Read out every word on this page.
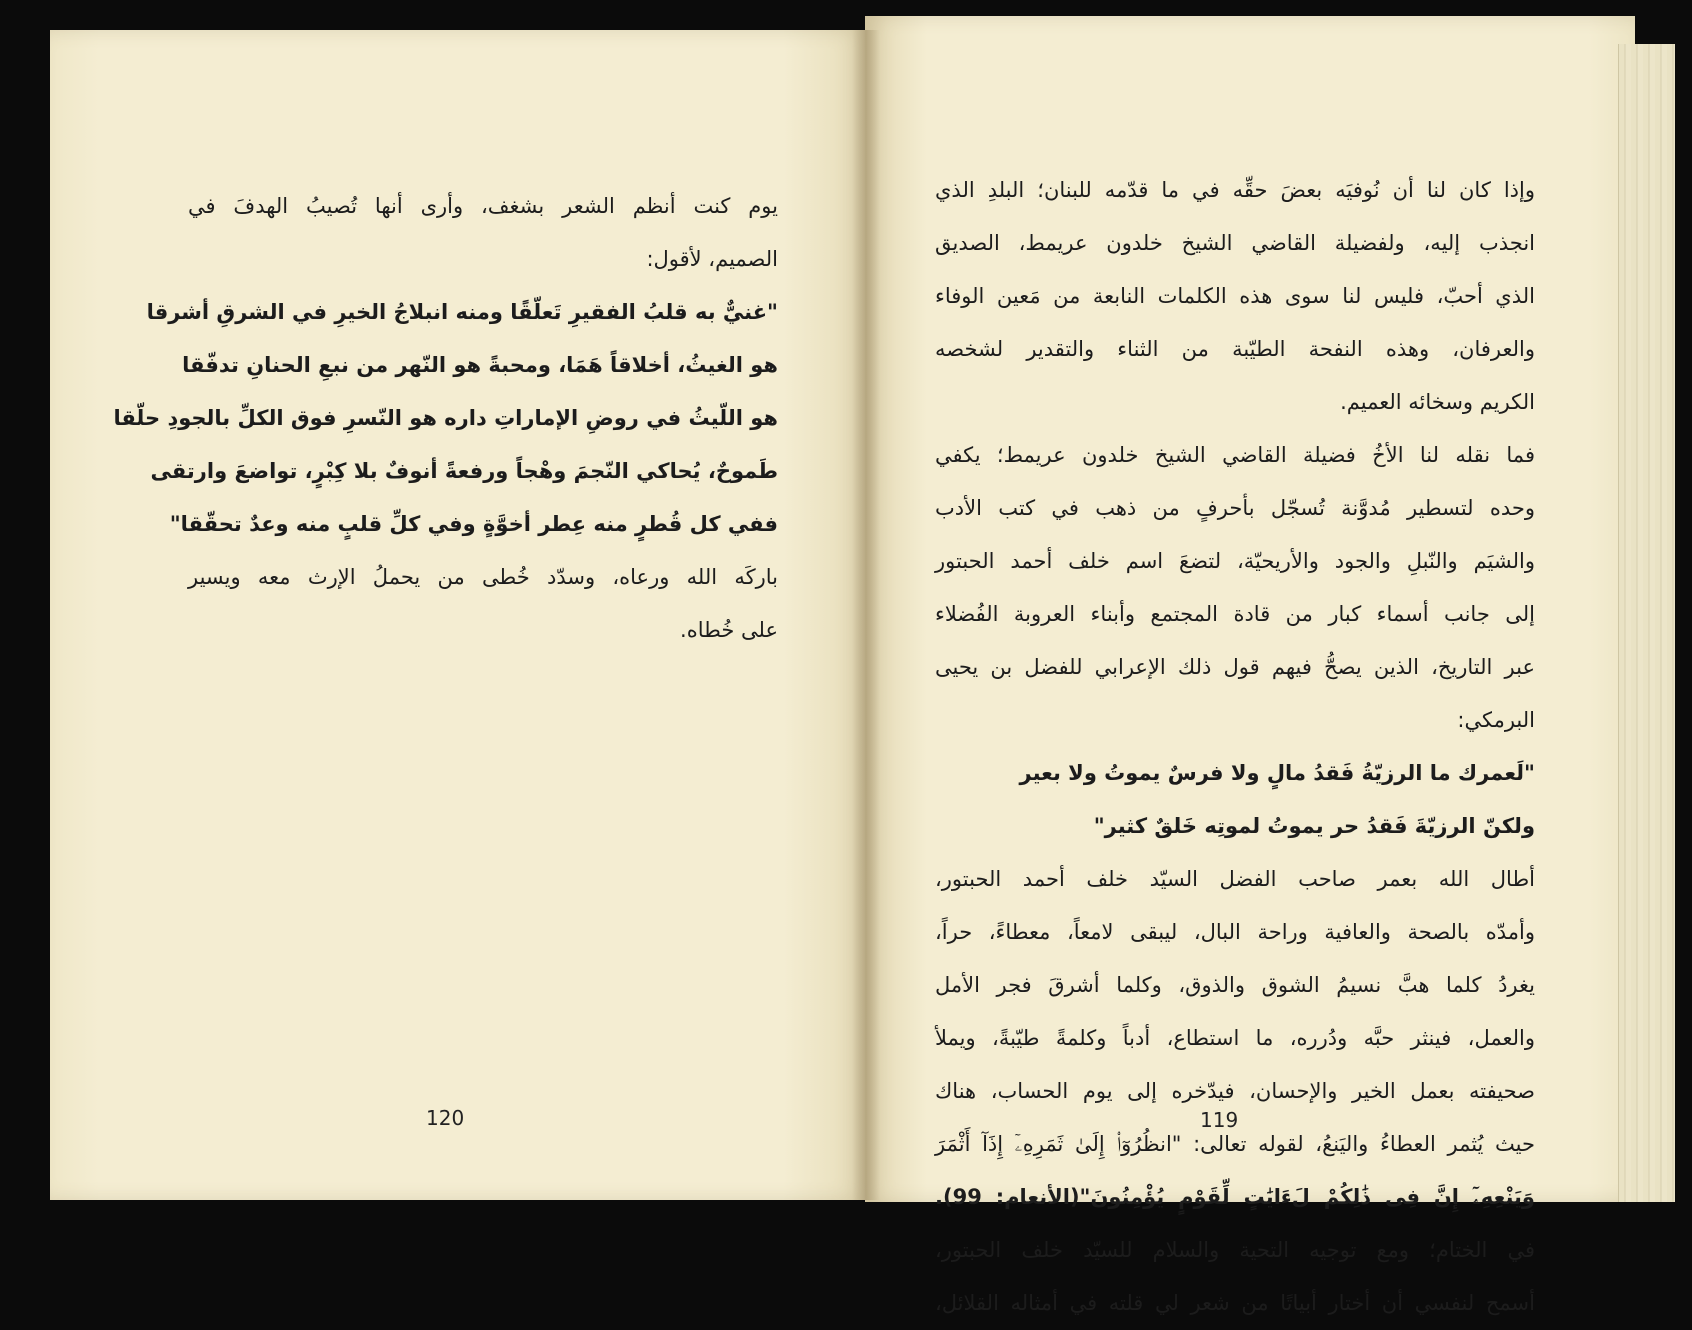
يوم كنت أنظم الشعر بشغف، وأرى أنها تُصيبُ الهدفَ في
الصميم، لأقول:
"غنيٌّ به قلبُ الفقيرِ تَعلّقًا ومنه انبلاجُ الخيرِ في الشرقِ أشرقا
هو الغيثُ، أخلاقاً هَمَا، ومحبةً هو النّهر من نبعِ الحنانِ تدفّقا
هو اللّيثُ في روضِ الإماراتِ داره هو النّسرِ فوق الكلِّ بالجودِ حلّقا
طَموحٌ، يُحاكي النّجمَ وهْجاً ورفعةً أنوفٌ بلا كِبْرٍ، تواضعَ وارتقى
ففي كل قُطرٍ منه عِطر أخوَّةٍ وفي كلِّ قلبٍ منه وعدٌ تحقّقا"
باركَه الله ورعاه، وسدّد خُطى من يحملُ الإرث معه ويسير
على خُطاه.
120
وإذا كان لنا أن نُوفيَه بعضَ حقِّه في ما قدّمه للبنان؛ البلدِ الذي
انجذب إليه، ولفضيلة القاضي الشيخ خلدون عريمط، الصديق
الذي أحبّ، فليس لنا سوى هذه الكلمات النابعة من مَعين الوفاء
والعرفان، وهذه النفحة الطيّبة من الثناء والتقدير لشخصه
الكريم وسخائه العميم.
فما نقله لنا الأخُ فضيلة القاضي الشيخ خلدون عريمط؛ يكفي
وحده لتسطير مُدوَّنة تُسجّل بأحرفٍ من ذهب في كتب الأدب
والشيَم والنّبلِ والجود والأريحيّة، لتضعَ اسم خلف أحمد الحبتور
إلى جانب أسماء كبار من قادة المجتمع وأبناء العروبة الفُضلاء
عبر التاريخ، الذين يصحُّ فيهم قول ذلك الإعرابي للفضل بن يحيى
البرمكي:
"لَعمرك ما الرزيّةُ فَقدُ مالٍ ولا فرسٌ يموتُ ولا بعير
ولكنّ الرزيّةَ فَقدُ حر يموتُ لموتِه خَلقٌ كثير"
أطال الله بعمر صاحب الفضل السيّد خلف أحمد الحبتور،
وأمدّه بالصحة والعافية وراحة البال، ليبقى لامعاً، معطاءً، حراً،
يغردُ كلما هبَّ نسيمُ الشوق والذوق، وكلما أشرقَ فجر الأمل
والعمل، فينثر حبَّه ودُرره، ما استطاع، أدباً وكلمةً طيّبةً، ويملأ
صحيفته بعمل الخير والإحسان، فيدّخره إلى يوم الحساب، هناك
حيث يُثمر العطاءُ واليَنعُ، لقوله تعالى: "انظُرُوٓا۟ إِلَىٰ ثَمَرِهِۦٓ إِذَآ أَثْمَرَ
وَيَنْعِهِۦٓ إِنَّ فِى ذَٰلِكُمْ لَءَايَٰتٍ لِّقَوْمٍ يُؤْمِنُونَ"(الأنعام: 99).
في الختام؛ ومع توجيه التحية والسلام للسيّد خلف الحبتور،
أسمح لنفسي أن أختار أبياتًا من شعر لي قلته في أمثاله القلائل،
119
